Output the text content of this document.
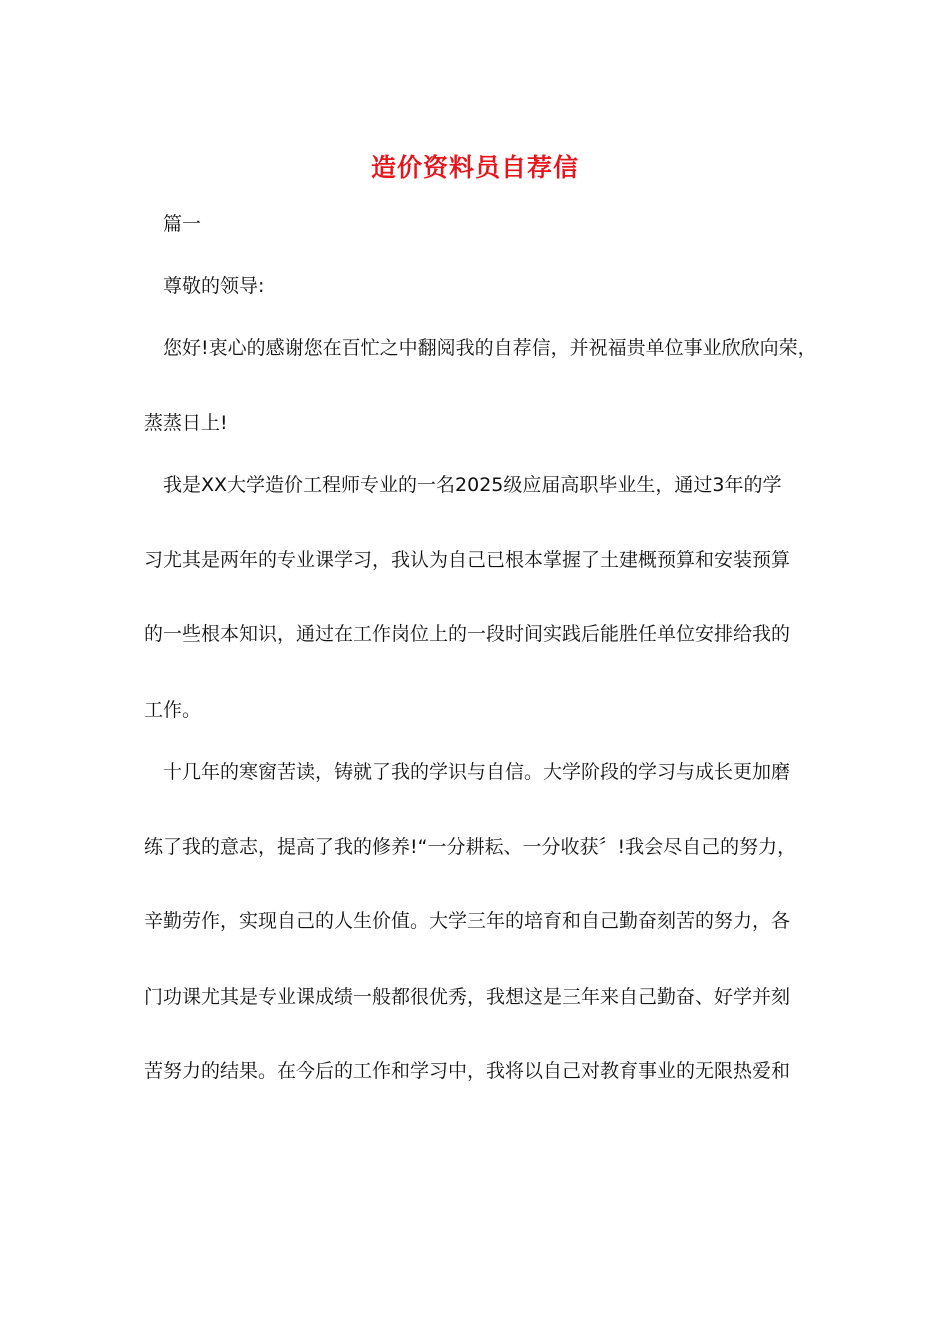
造价资料员自荐信
篇一
尊敬的领导:
您好!衷心的感谢您在百忙之中翻阅我的自荐信，并祝福贵单位事业欣欣向荣，
蒸蒸日上!
我是XX大学造价工程师专业的一名2025级应届高职毕业生，通过3年的学
习尤其是两年的专业课学习，我认为自己已根本掌握了土建概预算和安装预算
的一些根本知识，通过在工作岗位上的一段时间实践后能胜任单位安排给我的
工作。
十几年的寒窗苦读，铸就了我的学识与自信。大学阶段的学习与成长更加磨
练了我的意志，提高了我的修养!“一分耕耘、一分收获〞!我会尽自己的努力，
辛勤劳作，实现自己的人生价值。大学三年的培育和自己勤奋刻苦的努力，各
门功课尤其是专业课成绩一般都很优秀，我想这是三年来自己勤奋、好学并刻
苦努力的结果。在今后的工作和学习中，我将以自己对教育事业的无限热爱和
